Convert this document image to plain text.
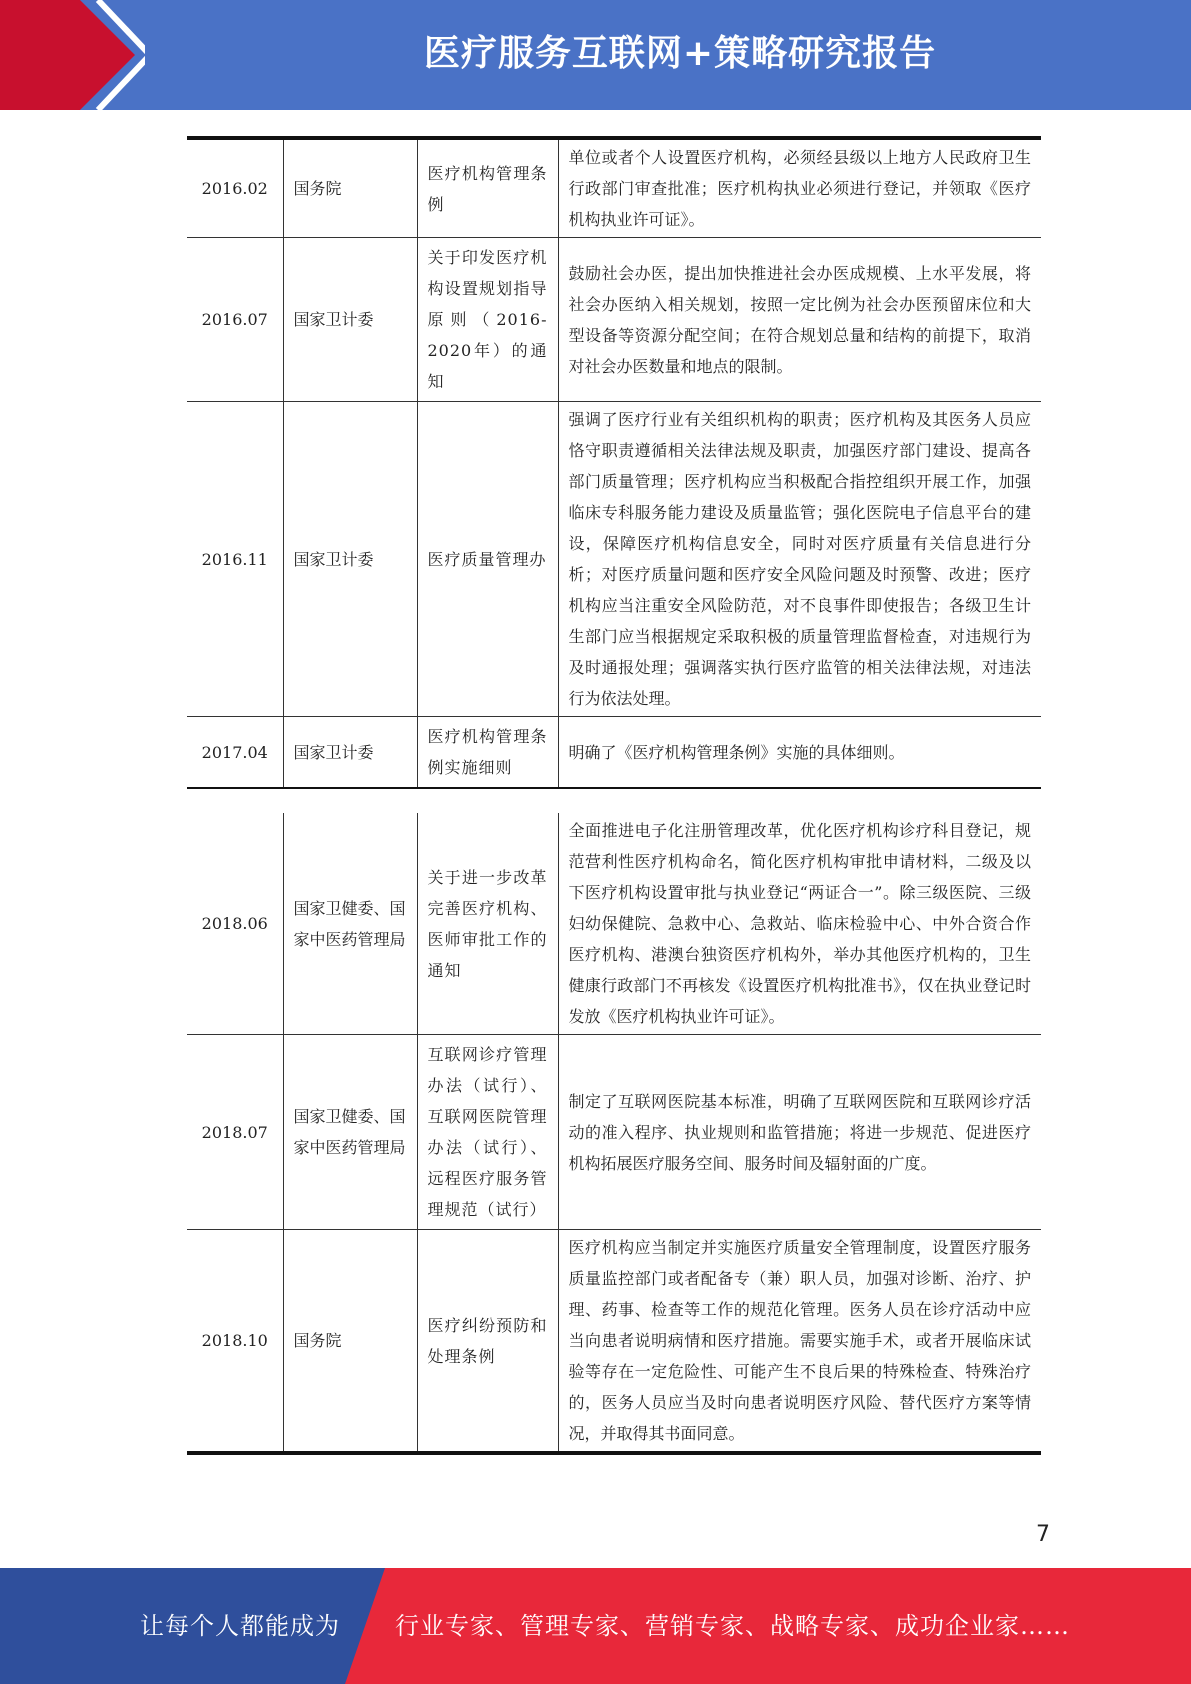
医疗服务互联网+策略研究报告
2016.02	国务院	医疗机构管理条例	单位或者个人设置医疗机构，必须经县级以上地方人民政府卫生行政部门审查批准；医疗机构执业必须进行登记，并领取《医疗机构执业许可证》。
2016.07	国家卫计委	关于印发医疗机构设置规划指导原则（2016-2020年）的通知	鼓励社会办医，提出加快推进社会办医成规模、上水平发展，将社会办医纳入相关规划，按照一定比例为社会办医预留床位和大型设备等资源分配空间；在符合规划总量和结构的前提下，取消对社会办医数量和地点的限制。
2016.11	国家卫计委	医疗质量管理办	强调了医疗行业有关组织机构的职责；医疗机构及其医务人员应恪守职责遵循相关法律法规及职责，加强医疗部门建设、提高各部门质量管理；医疗机构应当积极配合指控组织开展工作，加强临床专科服务能力建设及质量监管；强化医院电子信息平台的建设，保障医疗机构信息安全，同时对医疗质量有关信息进行分析；对医疗质量问题和医疗安全风险问题及时预警、改进；医疗机构应当注重安全风险防范，对不良事件即使报告；各级卫生计生部门应当根据规定采取积极的质量管理监督检查，对违规行为及时通报处理；强调落实执行医疗监管的相关法律法规，对违法行为依法处理。
2017.04	国家卫计委	医疗机构管理条例实施细则	明确了《医疗机构管理条例》实施的具体细则。
2018.06	国家卫健委、国家中医药管理局	关于进一步改革完善医疗机构、医师审批工作的通知	全面推进电子化注册管理改革，优化医疗机构诊疗科目登记，规范营利性医疗机构命名，简化医疗机构审批申请材料，二级及以下医疗机构设置审批与执业登记“两证合一”。除三级医院、三级妇幼保健院、急救中心、急救站、临床检验中心、中外合资合作医疗机构、港澳台独资医疗机构外，举办其他医疗机构的，卫生健康行政部门不再核发《设置医疗机构批准书》，仅在执业登记时发放《医疗机构执业许可证》。
2018.07	国家卫健委、国家中医药管理局	互联网诊疗管理办法（试行）、互联网医院管理办法（试行）、远程医疗服务管理规范（试行）	制定了互联网医院基本标准，明确了互联网医院和互联网诊疗活动的准入程序、执业规则和监管措施；将进一步规范、促进医疗机构拓展医疗服务空间、服务时间及辐射面的广度。
2018.10	国务院	医疗纠纷预防和处理条例	医疗机构应当制定并实施医疗质量安全管理制度，设置医疗服务质量监控部门或者配备专（兼）职人员，加强对诊断、治疗、护理、药事、检查等工作的规范化管理。医务人员在诊疗活动中应当向患者说明病情和医疗措施。需要实施手术，或者开展临床试验等存在一定危险性、可能产生不良后果的特殊检查、特殊治疗的，医务人员应当及时向患者说明医疗风险、替代医疗方案等情况，并取得其书面同意。
7
让每个人都能成为	行业专家、管理专家、营销专家、战略专家、成功企业家……
